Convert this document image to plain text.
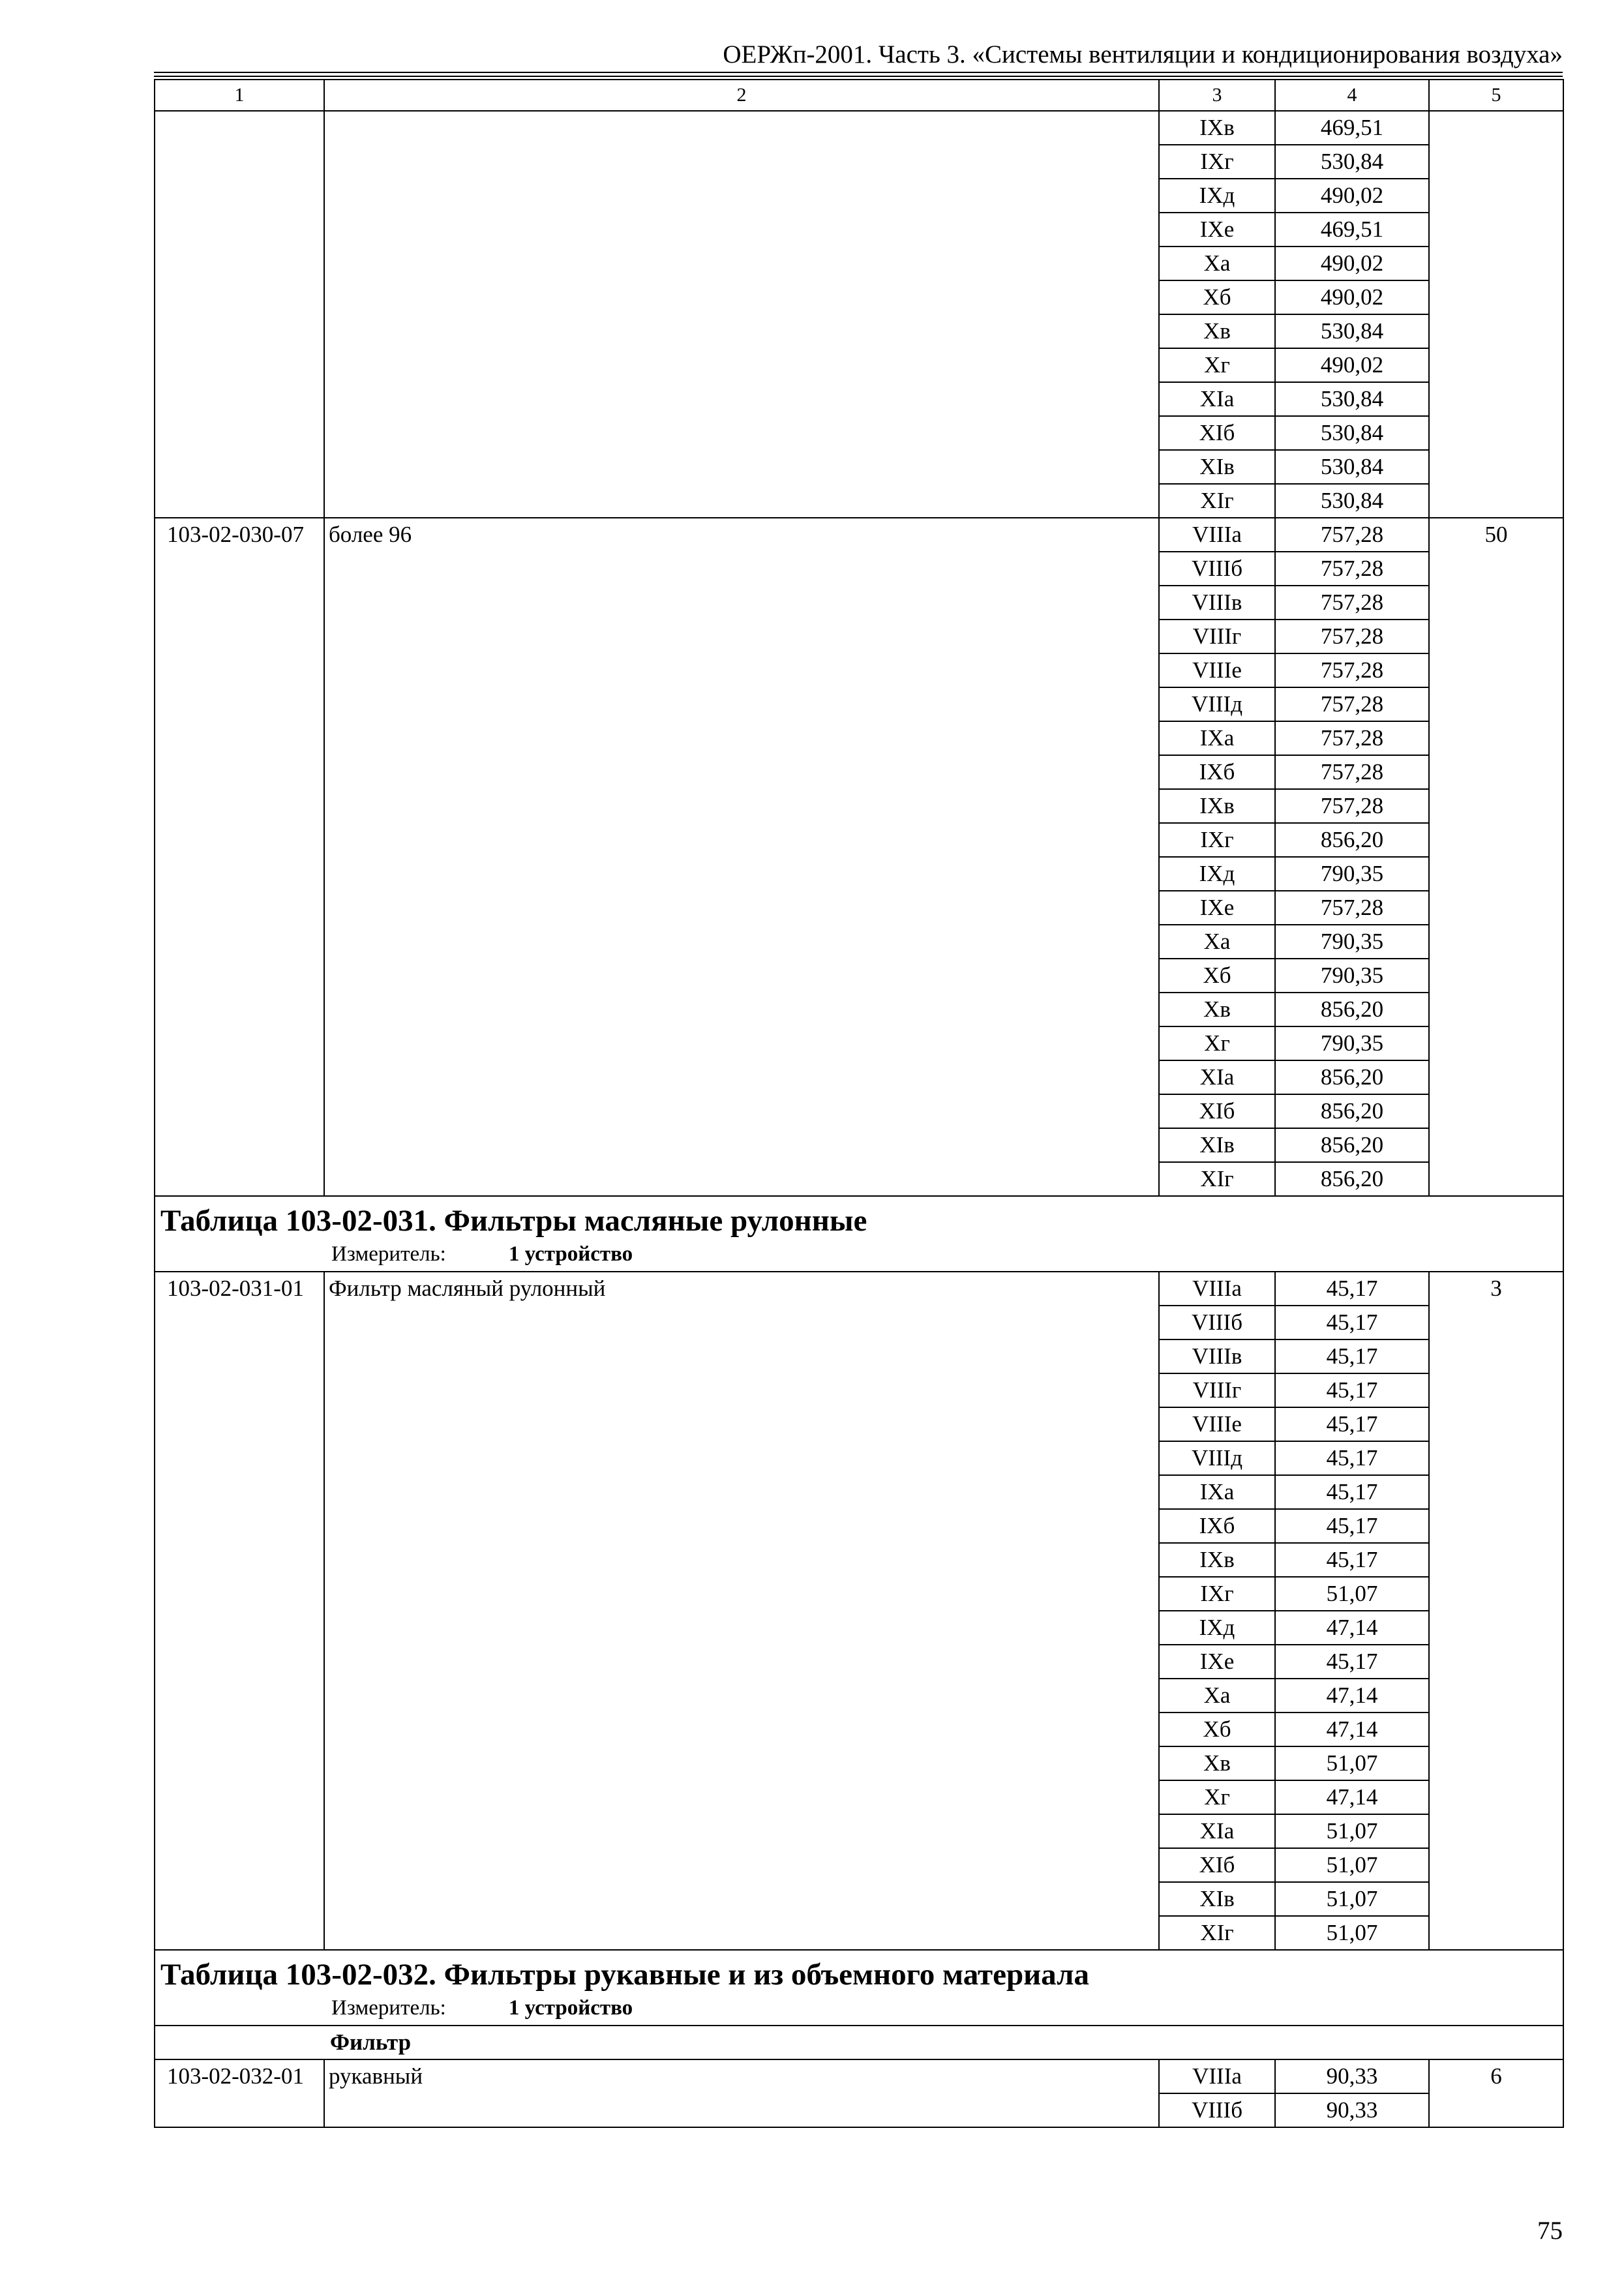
ОЕРЖп-2001. Часть 3. «Системы вентиляции и кондиционирования воздуха»
1	2	3	4	5
		IXв	469,51	
		IXг	530,84	
		IXд	490,02	
		IXе	469,51	
		Xа	490,02	
		Xб	490,02	
		Xв	530,84	
		Xг	490,02	
		XIа	530,84	
		XIб	530,84	
		XIв	530,84	
		XIг	530,84	
103-02-030-07	более 96	VIIIа	757,28	50
		VIIIб	757,28	
		VIIIв	757,28	
		VIIIг	757,28	
		VIIIе	757,28	
		VIIIд	757,28	
		IXа	757,28	
		IXб	757,28	
		IXв	757,28	
		IXг	856,20	
		IXд	790,35	
		IXе	757,28	
		Xа	790,35	
		Xб	790,35	
		Xв	856,20	
		Xг	790,35	
		XIа	856,20	
		XIб	856,20	
		XIв	856,20	
		XIг	856,20	

Таблица 103-02-031. Фильтры масляные рулонные
Измеритель: 1 устройство				

103-02-031-01	Фильтр масляный рулонный	VIIIа	45,17	3
		VIIIб	45,17	
		VIIIв	45,17	
		VIIIг	45,17	
		VIIIе	45,17	
		VIIIд	45,17	
		IXа	45,17	
		IXб	45,17	
		IXв	45,17	
		IXг	51,07	
		IXд	47,14	
		IXе	45,17	
		Xа	47,14	
		Xб	47,14	
		Xв	51,07	
		Xг	47,14	
		XIа	51,07	
		XIб	51,07	
		XIв	51,07	
		XIг	51,07	

Таблица 103-02-032. Фильтры рукавные и из объемного материала
Измеритель: 1 устройство				

Фильтр				
103-02-032-01	рукавный	VIIIа	90,33	6
		VIIIб	90,33	
75
